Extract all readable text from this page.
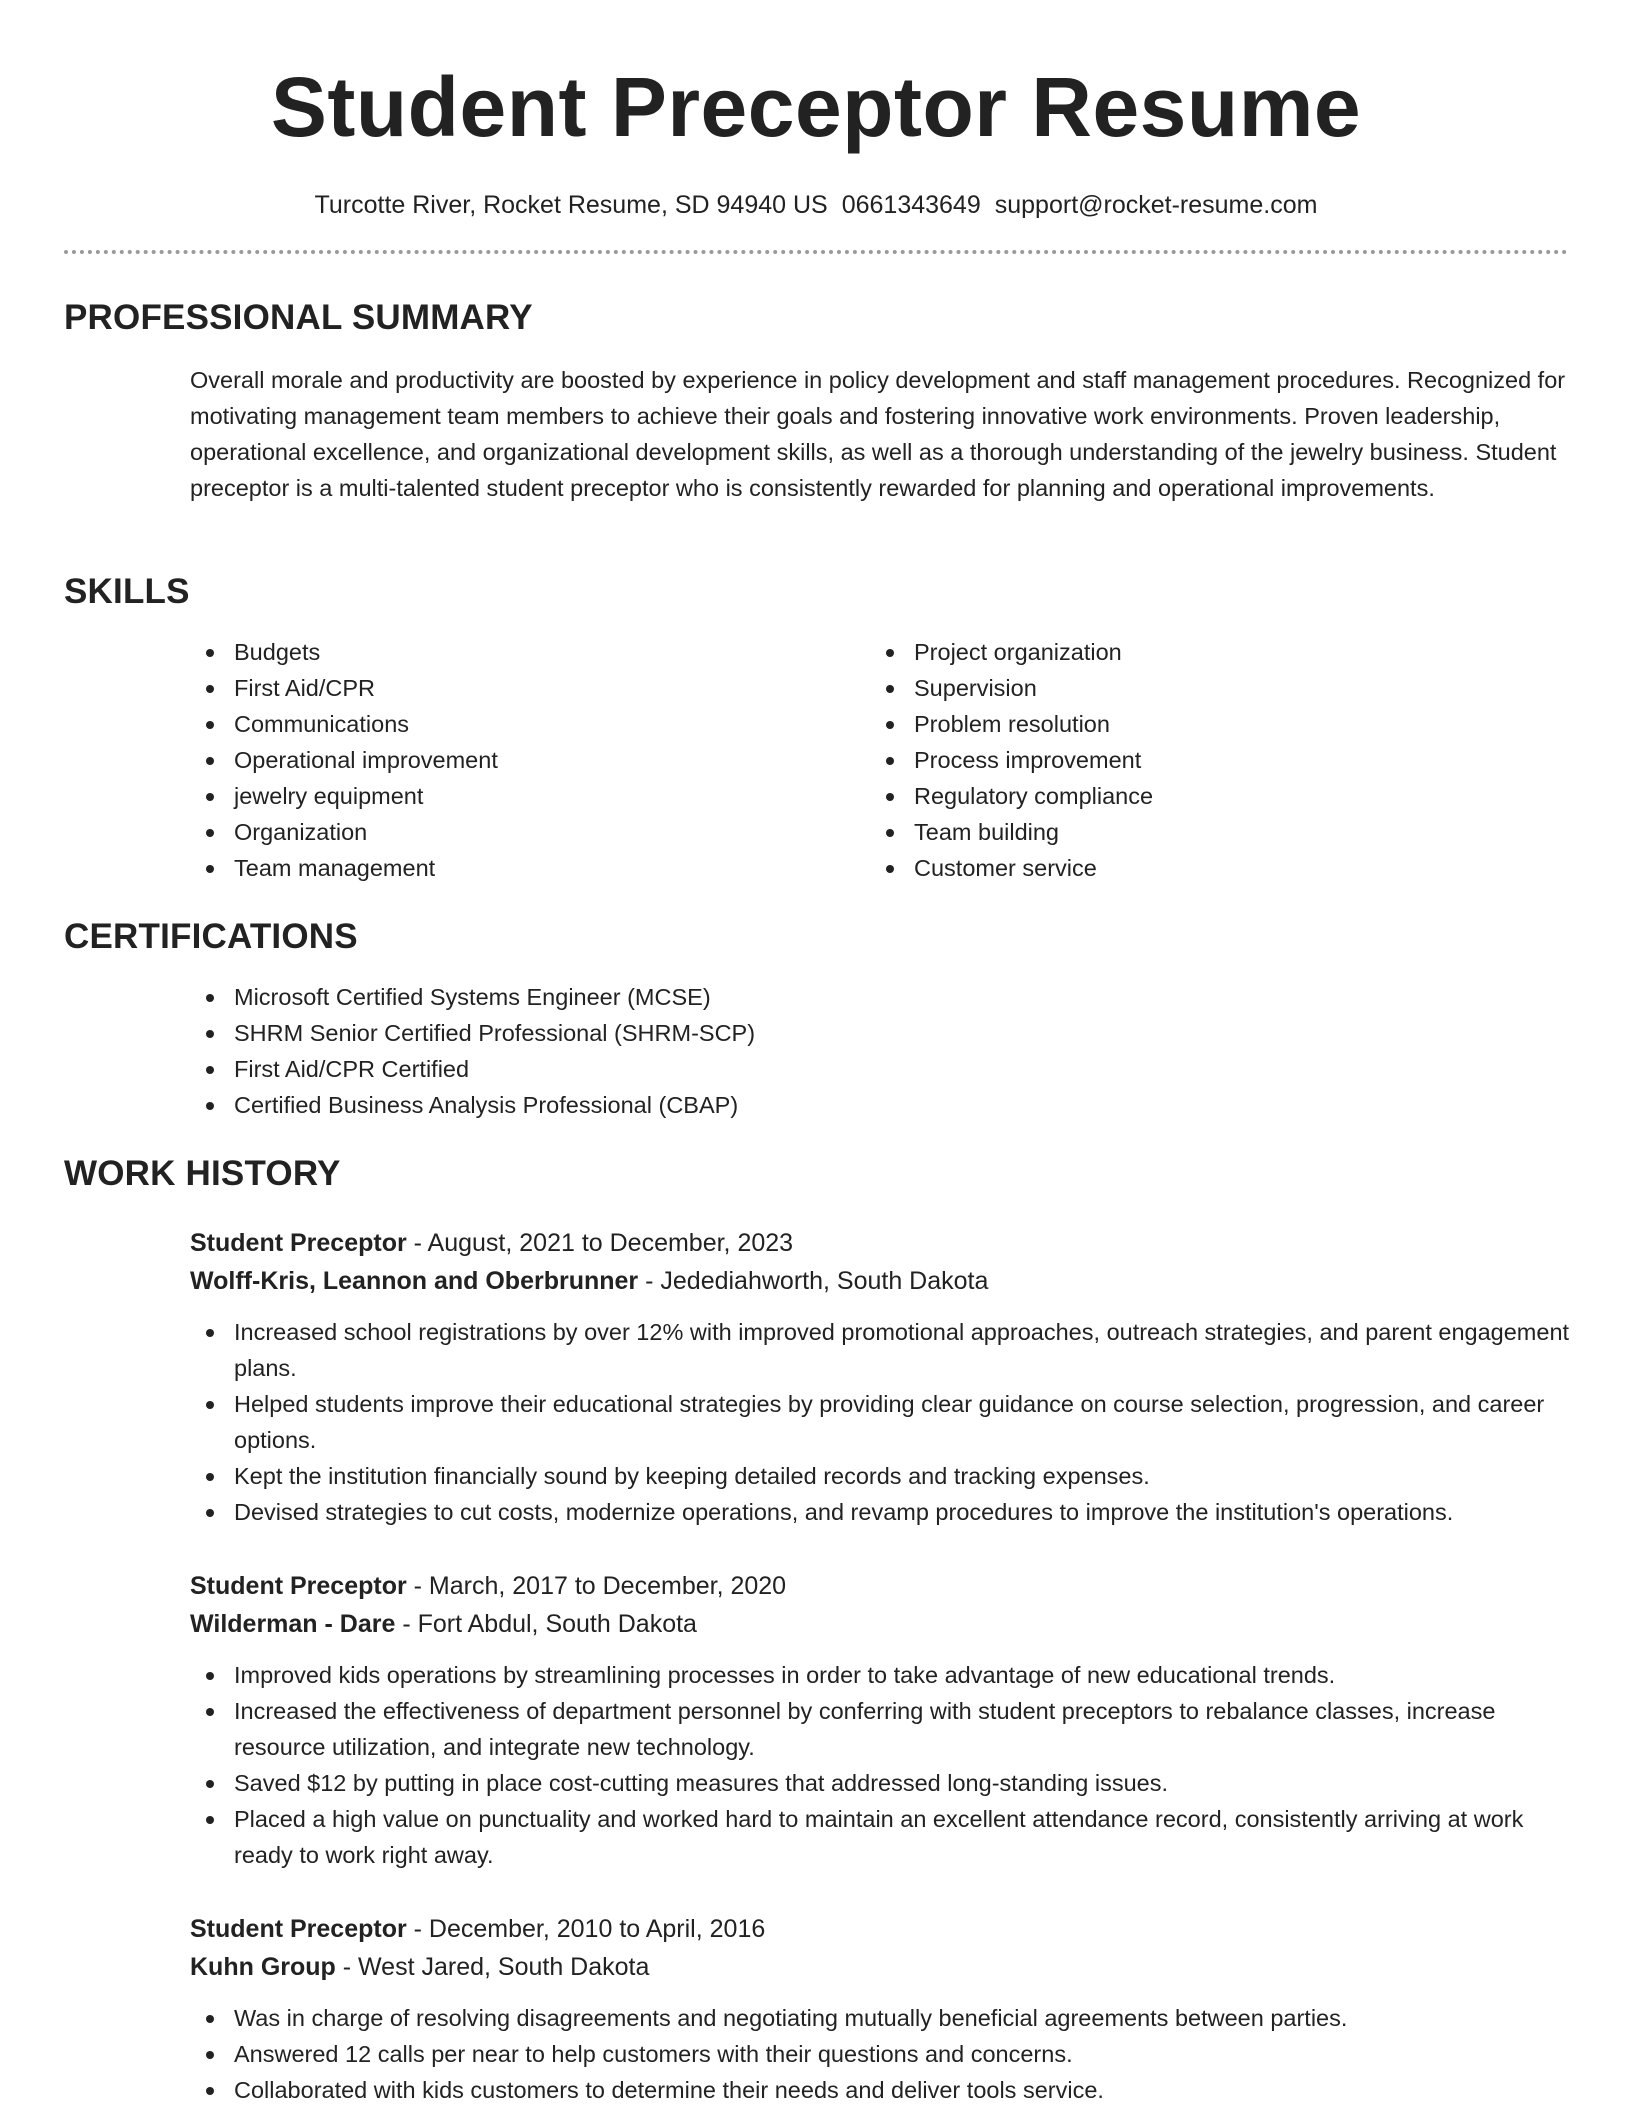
Student Preceptor Resume
Turcotte River, Rocket Resume, SD 94940 US 0661343649 support@rocket-resume.com
PROFESSIONAL SUMMARY

Overall morale and productivity are boosted by experience in policy development and staff management procedures. Recognized for motivating management team members to achieve their goals and fostering innovative work environments. Proven leadership, operational excellence, and organizational development skills, as well as a thorough understanding of the jewelry business. Student preceptor is a multi-talented student preceptor who is consistently rewarded for planning and operational improvements.

SKILLS
Budgets
First Aid/CPR
Communications
Operational improvement
jewelry equipment
Organization
Team management
Project organization
Supervision
Problem resolution
Process improvement
Regulatory compliance
Team building
Customer service
CERTIFICATIONS
Microsoft Certified Systems Engineer (MCSE)
SHRM Senior Certified Professional (SHRM-SCP)
First Aid/CPR Certified
Certified Business Analysis Professional (CBAP)
WORK HISTORY
Student Preceptor - August, 2021 to December, 2023
Wolff-Kris, Leannon and Oberbrunner - Jedediahworth, South Dakota
Increased school registrations by over 12% with improved promotional approaches, outreach strategies, and parent engagement plans.
Helped students improve their educational strategies by providing clear guidance on course selection, progression, and career options.
Kept the institution financially sound by keeping detailed records and tracking expenses.
Devised strategies to cut costs, modernize operations, and revamp procedures to improve the institution's operations.
Student Preceptor - March, 2017 to December, 2020
Wilderman - Dare - Fort Abdul, South Dakota
Improved kids operations by streamlining processes in order to take advantage of new educational trends.
Increased the effectiveness of department personnel by conferring with student preceptors to rebalance classes, increase resource utilization, and integrate new technology.
Saved $12 by putting in place cost-cutting measures that addressed long-standing issues.
Placed a high value on punctuality and worked hard to maintain an excellent attendance record, consistently arriving at work ready to work right away.
Student Preceptor - December, 2010 to April, 2016
Kuhn Group - West Jared, South Dakota
Was in charge of resolving disagreements and negotiating mutually beneficial agreements between parties.
Answered 12 calls per near to help customers with their questions and concerns.
Collaborated with kids customers to determine their needs and deliver tools service.
